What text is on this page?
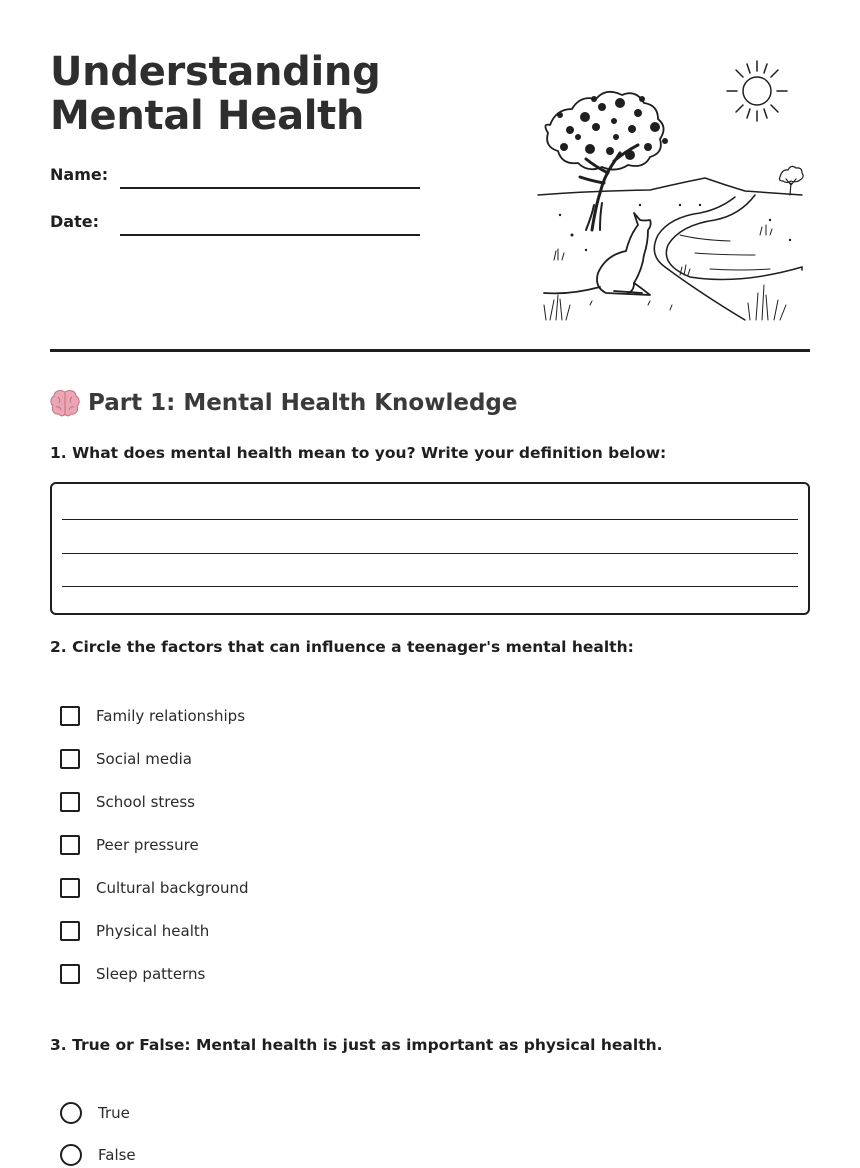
Understanding Mental Health
Name:
Date:
Part 1: Mental Health Knowledge

1. What does mental health mean to you? Write your definition below:

2. Circle the factors that can influence a teenager's mental health:

Family relationships
Social media
School stress
Peer pressure
Cultural background
Physical health
Sleep patterns

3. True or False: Mental health is just as important as physical health.

True
False
